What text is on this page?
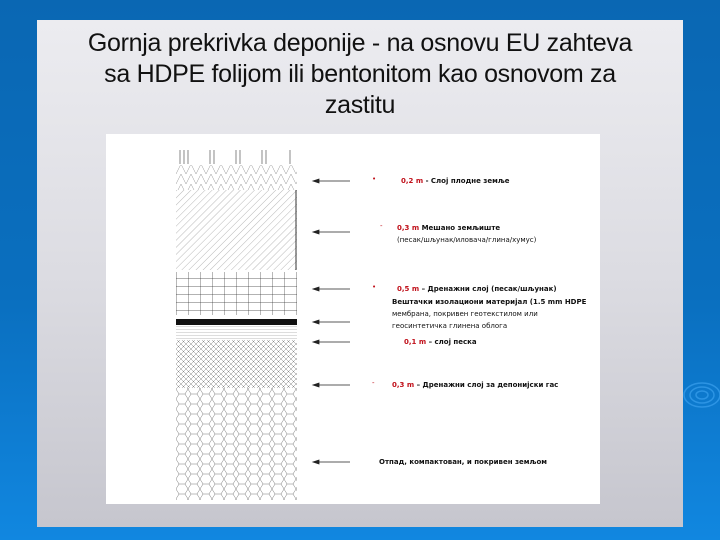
Gornja prekrivka deponije - na osnovu EU zahteva
sa HDPE folijom ili bentonitom kao osnovom za
zastitu
•	0,2 m - Слој плодне земље
- 0,3 m Мешано земљиште
(песак/шљунак/иловача/глина/хумус)
•	0,5 m – Дренажни слој (песак/шљунак)
Вештачки изолациони материјал (1.5 mm HDPE
мембрана, покривен геотекстилом или
геосинтетичка глинена облога
0,1 m – слој песка
- 0,3 m – Дренажни слој за депонијски гас
Отпад, компактован, и покривен земљом
